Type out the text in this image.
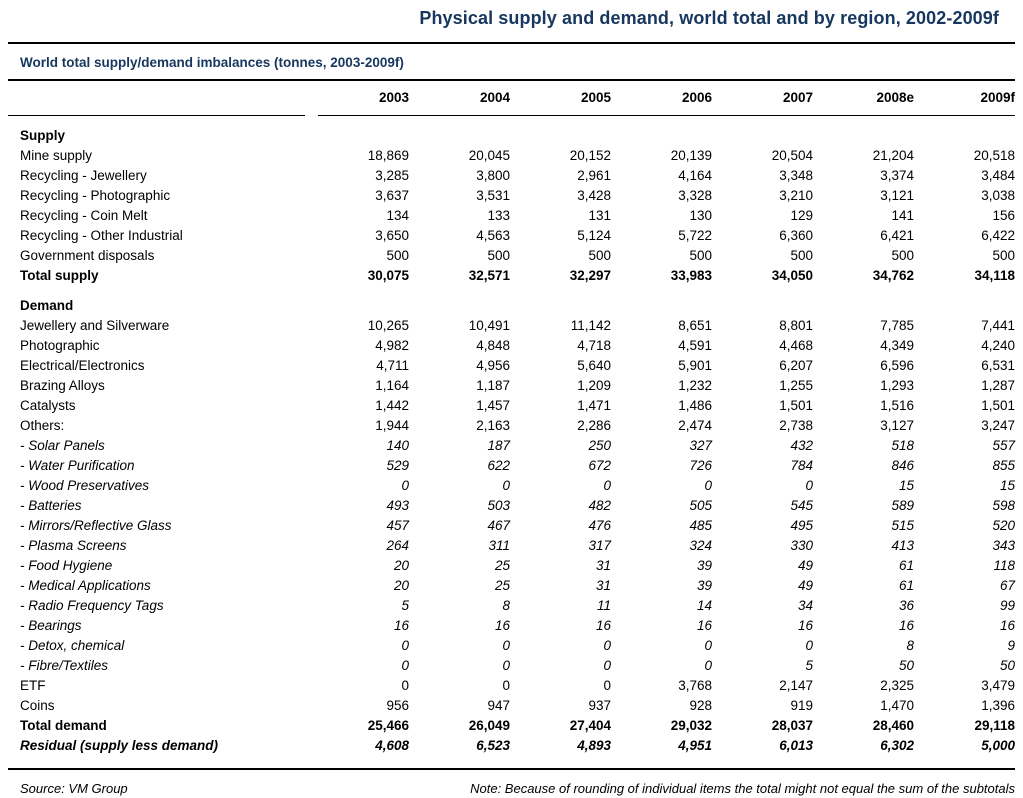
Physical supply and demand, world total and by region, 2002-2009f
World total supply/demand imbalances (tonnes, 2003-2009f)
2003	2004	2005	2006	2007	2008e	2009f
Supply
Mine supply	18,869	20,045	20,152	20,139	20,504	21,204	20,518
Recycling - Jewellery	3,285	3,800	2,961	4,164	3,348	3,374	3,484
Recycling - Photographic	3,637	3,531	3,428	3,328	3,210	3,121	3,038
Recycling - Coin Melt	134	133	131	130	129	141	156
Recycling - Other Industrial	3,650	4,563	5,124	5,722	6,360	6,421	6,422
Government disposals	500	500	500	500	500	500	500
Total supply	30,075	32,571	32,297	33,983	34,050	34,762	34,118
Demand
Jewellery and Silverware	10,265	10,491	11,142	8,651	8,801	7,785	7,441
Photographic	4,982	4,848	4,718	4,591	4,468	4,349	4,240
Electrical/Electronics	4,711	4,956	5,640	5,901	6,207	6,596	6,531
Brazing Alloys	1,164	1,187	1,209	1,232	1,255	1,293	1,287
Catalysts	1,442	1,457	1,471	1,486	1,501	1,516	1,501
Others:	1,944	2,163	2,286	2,474	2,738	3,127	3,247
- Solar Panels	140	187	250	327	432	518	557
- Water Purification	529	622	672	726	784	846	855
- Wood Preservatives	0	0	0	0	0	15	15
- Batteries	493	503	482	505	545	589	598
- Mirrors/Reflective Glass	457	467	476	485	495	515	520
- Plasma Screens	264	311	317	324	330	413	343
- Food Hygiene	20	25	31	39	49	61	118
- Medical Applications	20	25	31	39	49	61	67
- Radio Frequency Tags	5	8	11	14	34	36	99
- Bearings	16	16	16	16	16	16	16
- Detox, chemical	0	0	0	0	0	8	9
- Fibre/Textiles	0	0	0	0	5	50	50
ETF	0	0	0	3,768	2,147	2,325	3,479
Coins	956	947	937	928	919	1,470	1,396
Total demand	25,466	26,049	27,404	29,032	28,037	28,460	29,118
Residual (supply less demand)	4,608	6,523	4,893	4,951	6,013	6,302	5,000
Source: VM Group	Note: Because of rounding of individual items the total might not equal the sum of the subtotals
